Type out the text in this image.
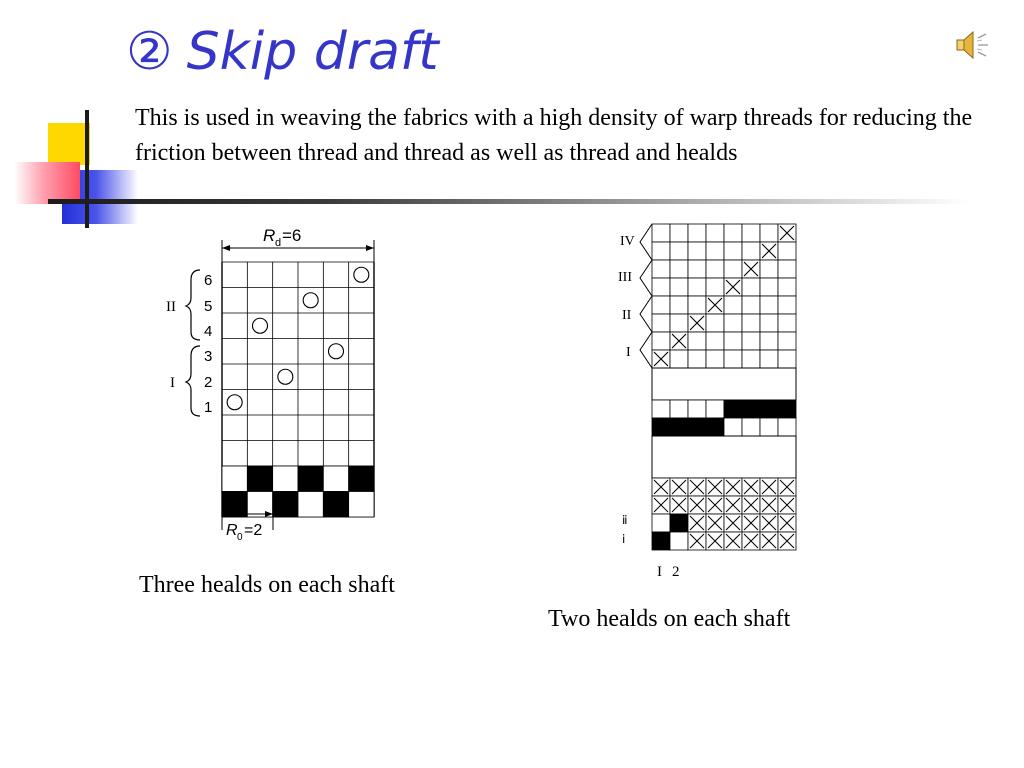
② Skip draft

This is used in weaving the fabrics with a high density of warp threads for reducing the friction between thread and thread as well as thread and healds

R d =6
6
5
4
3
2
1
II
I
R 0 =2
IV
III
II
I
ⅱ
ⅰ
I 2

Three healds on each shaft

Two healds on each shaft
